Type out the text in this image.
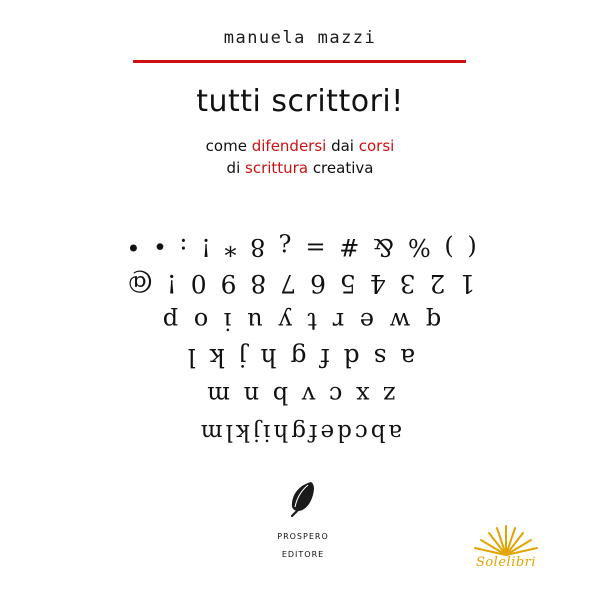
manuela mazzi
tutti scrittori!
come difendersi dai corsi
di scrittura creativa
( ) % & # = ¿ 8 * ! : ∙ •
1 2 3 4 5 6 7 8 9 0 ! @
q w e r t y u i o p
a s d f g h j k l
z x c v b n m
abcdefghijklm
PROSPERO EDITORE
Solelibri
